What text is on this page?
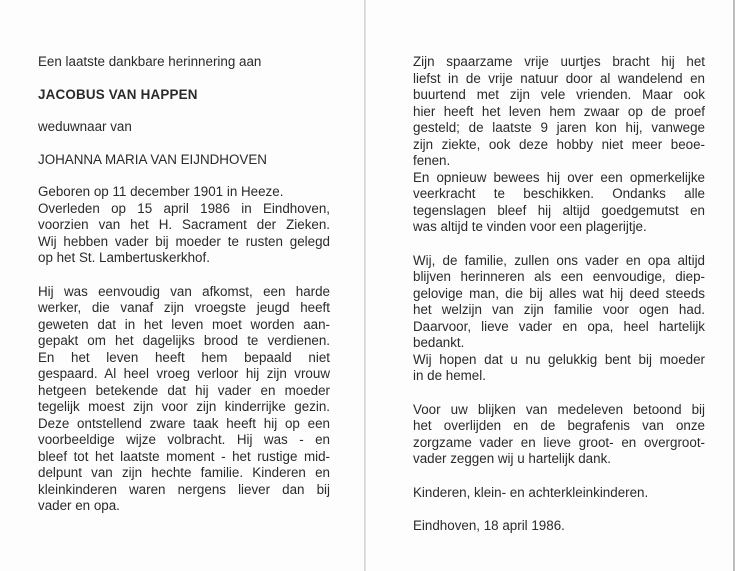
Een laatste dankbare herinnering aan

JACOBUS VAN HAPPEN

weduwnaar van

JOHANNA MARIA VAN EIJNDHOVEN

Geboren op 11 december 1901 in Heeze.
Overleden op 15 april 1986 in Eindhoven,
voorzien van het H. Sacrament der Zieken.
Wij hebben vader bij moeder te rusten gelegd
op het St. Lambertuskerkhof.
Hij was eenvoudig van afkomst, een harde
werker, die vanaf zijn vroegste jeugd heeft
geweten dat in het leven moet worden aan-
gepakt om het dagelijks brood te verdienen.
En het leven heeft hem bepaald niet
gespaard. Al heel vroeg verloor hij zijn vrouw
hetgeen betekende dat hij vader en moeder
tegelijk moest zijn voor zijn kinderrijke gezin.
Deze ontstellend zware taak heeft hij op een
voorbeeldige wijze volbracht. Hij was - en
bleef tot het laatste moment - het rustige mid-
delpunt van zijn hechte familie. Kinderen en
kleinkinderen waren nergens liever dan bij
vader en opa.
Zijn spaarzame vrije uurtjes bracht hij het
liefst in de vrije natuur door al wandelend en
buurtend met zijn vele vrienden. Maar ook
hier heeft het leven hem zwaar op de proef
gesteld; de laatste 9 jaren kon hij, vanwege
zijn ziekte, ook deze hobby niet meer beoe-
fenen.
En opnieuw bewees hij over een opmerkelijke
veerkracht te beschikken. Ondanks alle
tegenslagen bleef hij altijd goedgemutst en
was altijd te vinden voor een plagerijtje.
Wij, de familie, zullen ons vader en opa altijd
blijven herinneren als een eenvoudige, diep-
gelovige man, die bij alles wat hij deed steeds
het welzijn van zijn familie voor ogen had.
Daarvoor, lieve vader en opa, heel hartelijk
bedankt.
Wij hopen dat u nu gelukkig bent bij moeder
in de hemel.
Voor uw blijken van medeleven betoond bij
het overlijden en de begrafenis van onze
zorgzame vader en lieve groot- en overgroot-
vader zeggen wij u hartelijk dank.

Kinderen, klein- en achterkleinkinderen.

Eindhoven, 18 april 1986.
